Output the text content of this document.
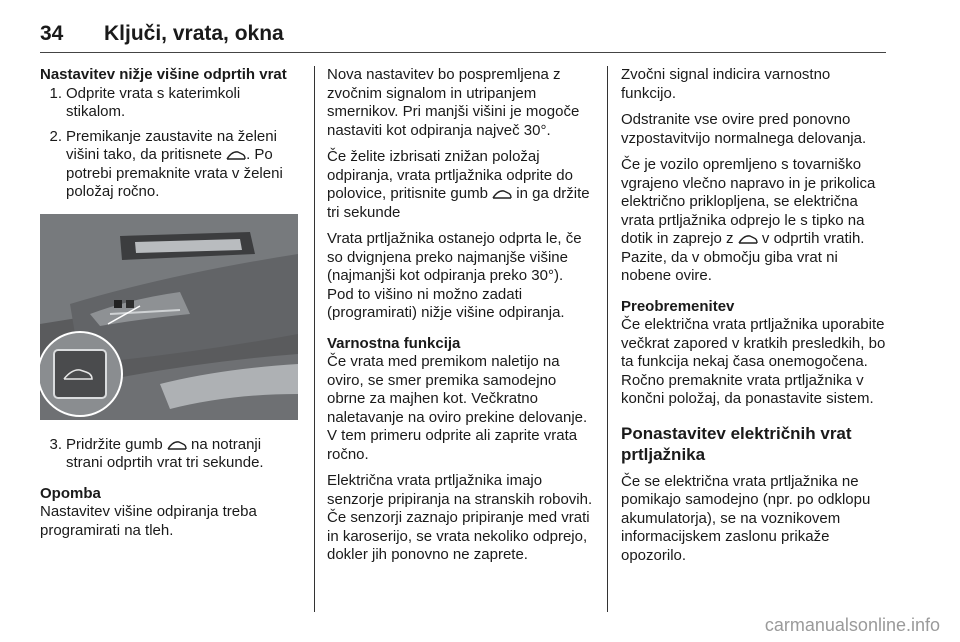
34 Ključi, vrata, okna
Nastavitev nižje višine odprtih vrat
1. Odprite vrata s katerimkoli stikalom.
2. Premikanje zaustavite na želeni višini tako, da pritisnete . Po potrebi premaknite vrata v želeni položaj ročno.
3. Pridržite gumb na notranji strani odprtih vrat tri sekunde.
Opomba
Nastavitev višine odpiranja treba programirati na tleh.
Nova nastavitev bo pospremljena z zvočnim signalom in utripanjem smernikov. Pri manjši višini je mogoče nastaviti kot odpiranja največ 30°.
Če želite izbrisati znižan položaj odpiranja, vrata prtljažnika odprite do polovice, pritisnite gumb in ga držite tri sekunde
Vrata prtljažnika ostanejo odprta le, če so dvignjena preko najmanjše višine (najmanjši kot odpiranja preko 30°). Pod to višino ni možno zadati (programirati) nižje višine odpiranja.
Varnostna funkcija
Če vrata med premikom naletijo na oviro, se smer premika samodejno obrne za majhen kot. Večkratno naletavanje na oviro prekine delovanje. V tem primeru odprite ali zaprite vrata ročno.
Električna vrata prtljažnika imajo senzorje pripiranja na stranskih robovih. Če senzorji zaznajo pripiranje med vrati in karoserijo, se vrata nekoliko odprejo, dokler jih ponovno ne zaprete.
Zvočni signal indicira varnostno funkcijo.
Odstranite vse ovire pred ponovno vzpostavitvijo normalnega delovanja.
Če je vozilo opremljeno s tovarniško vgrajeno vlečno napravo in je prikolica električno priklopljena, se električna vrata prtljažnika odprejo le s tipko na dotik in zaprejo z v odprtih vratih. Pazite, da v območju giba vrat ni nobene ovire.
Preobremenitev
Če električna vrata prtljažnika uporabite večkrat zapored v kratkih presledkih, bo ta funkcija nekaj časa onemogočena. Ročno premaknite vrata prtljažnika v končni položaj, da ponastavite sistem.
Ponastavitev električnih vrat prtljažnika
Če se električna vrata prtljažnika ne pomikajo samodejno (npr. po odklopu akumulatorja), se na voznikovem informacijskem zaslonu prikaže opozorilo.
carmanualsonline.info
